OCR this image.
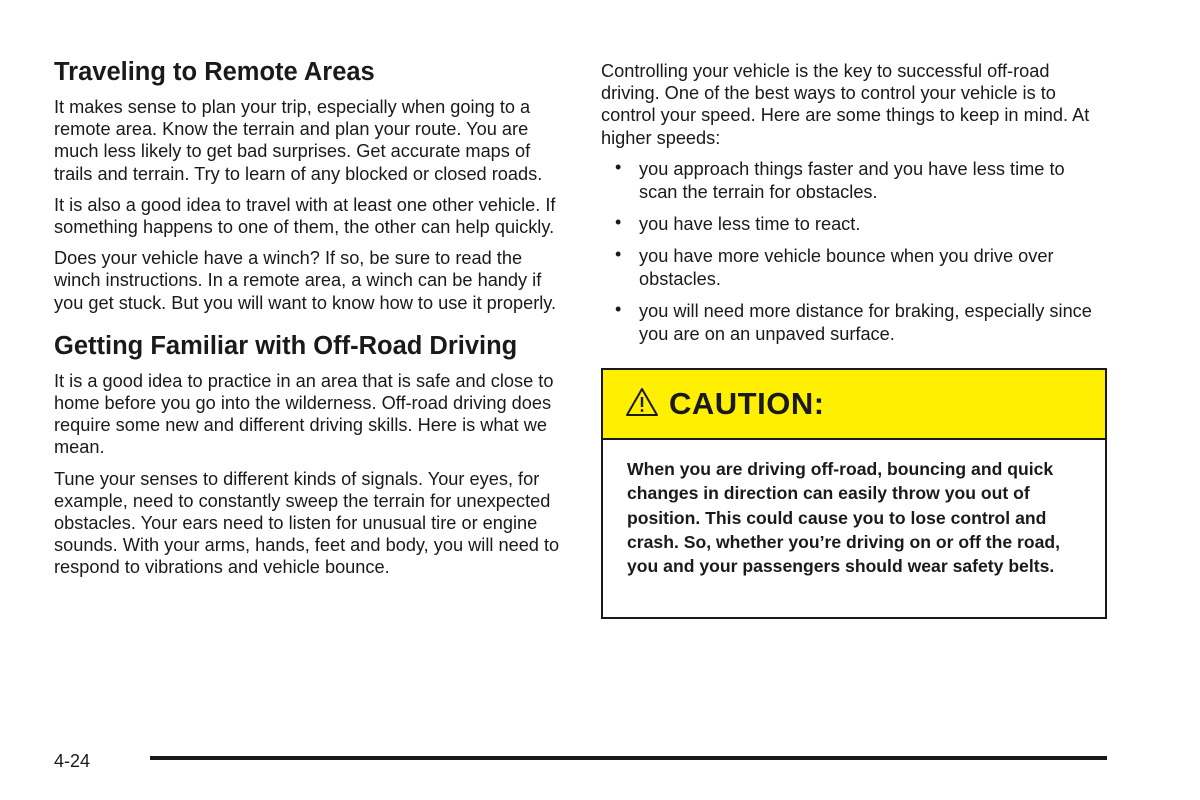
Traveling to Remote Areas

It makes sense to plan your trip, especially when going to a remote area. Know the terrain and plan your route. You are much less likely to get bad surprises. Get accurate maps of trails and terrain. Try to learn of any blocked or closed roads.

It is also a good idea to travel with at least one other vehicle. If something happens to one of them, the other can help quickly.

Does your vehicle have a winch? If so, be sure to read the winch instructions. In a remote area, a winch can be handy if you get stuck. But you will want to know how to use it properly.

Getting Familiar with Off-Road Driving

It is a good idea to practice in an area that is safe and close to home before you go into the wilderness. Off-road driving does require some new and different driving skills. Here is what we mean.

Tune your senses to different kinds of signals. Your eyes, for example, need to constantly sweep the terrain for unexpected obstacles. Your ears need to listen for unusual tire or engine sounds. With your arms, hands, feet and body, you will need to respond to vibrations and vehicle bounce.

Controlling your vehicle is the key to successful off-road driving. One of the best ways to control your vehicle is to control your speed. Here are some things to keep in mind. At higher speeds:

• you approach things faster and you have less time to scan the terrain for obstacles.
• you have less time to react.
• you have more vehicle bounce when you drive over obstacles.
• you will need more distance for braking, especially since you are on an unpaved surface.
CAUTION:
When you are driving off-road, bouncing and quick changes in direction can easily throw you out of position. This could cause you to lose control and crash. So, whether you’re driving on or off the road, you and your passengers should wear safety belts.
4-24
